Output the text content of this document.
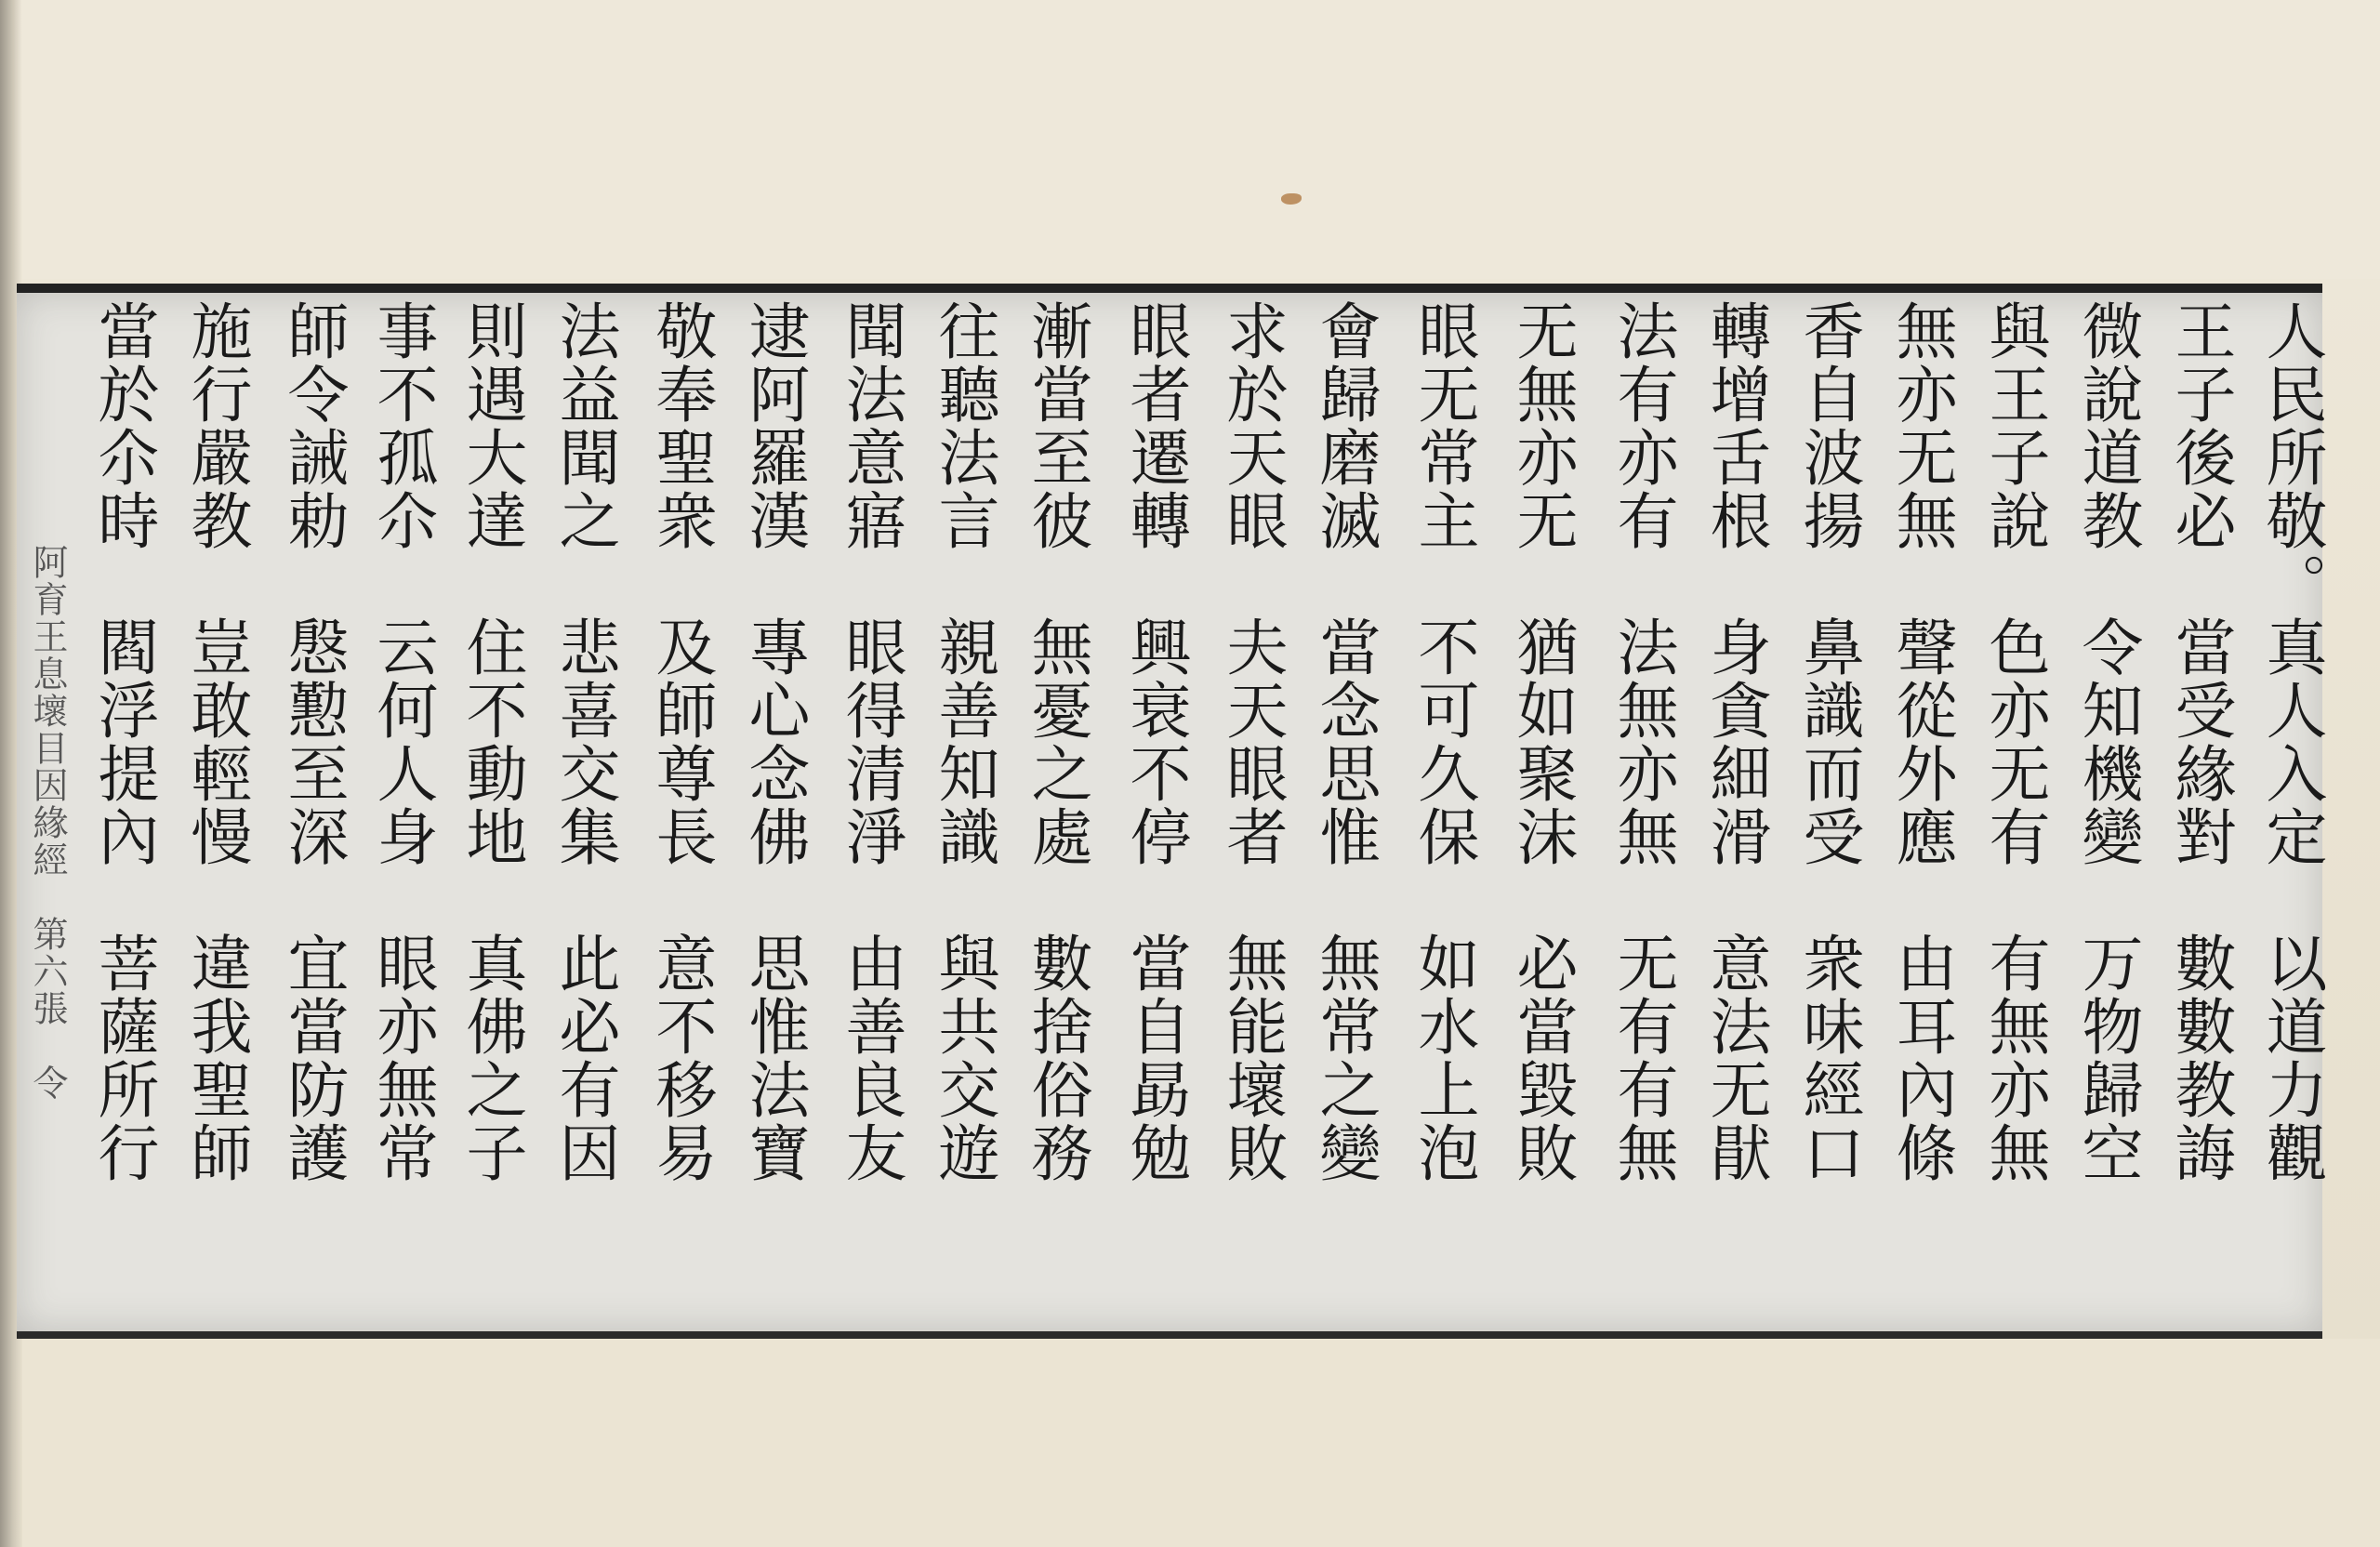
阿育王息壞目因緣經　第六張　令	人民所敬。真人入定　以道力觀
王子後必　當受緣對　數數教誨
微說道教　令知機變　万物歸空
與王子說　色亦无有　有無亦無
無亦无無　聲從外應　由耳內條
香自波揚　鼻識而受　衆味經口
轉增舌根　身貪細滑　意法无猒
法有亦有　法無亦無　无有有無
无無亦无　猶如聚沫　必當毀敗
眼无常主　不可久保　如水上泡
會歸磨滅　當念思惟　無常之變
求於天眼　夫天眼者　無能壞敗
眼者遷轉　興衰不停　當自勗勉
漸當至彼　無憂之處　數捨俗務
往聽法言　親善知識　與共交遊
聞法意寤　眼得清淨　由善良友
逮阿羅漢　專心念佛　思惟法寶
敬奉聖衆　及師尊長　意不移易
法益聞之　悲喜交集　此必有因
則遇大達　住不動地　真佛之子
事不孤尒　云何人身　眼亦無常
師令誡勅　慇懃至深　宜當防護
施行嚴教　豈敢輕慢　違我聖師
當於尒時　閻浮提內　菩薩所行
